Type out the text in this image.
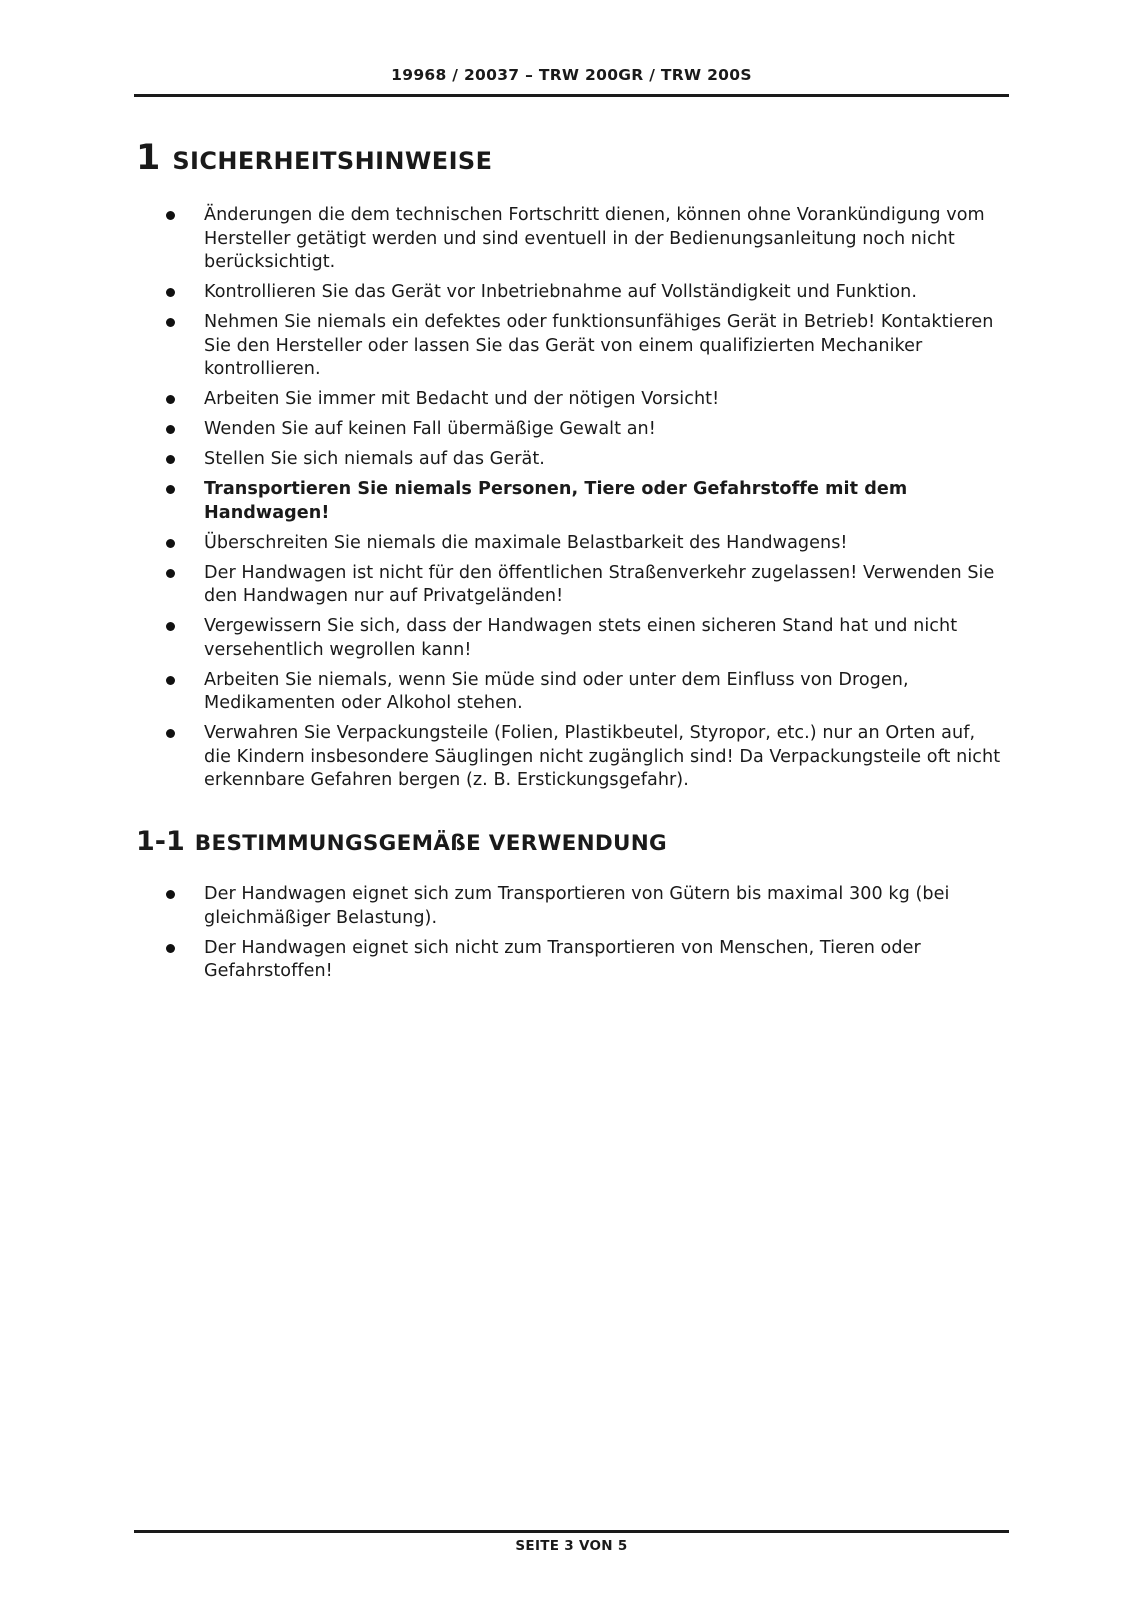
19968 / 20037 – TRW 200GR / TRW 200S
1 SICHERHEITSHINWEISE
Änderungen die dem technischen Fortschritt dienen, können ohne Vorankündigung vom Hersteller getätigt werden und sind eventuell in der Bedienungsanleitung noch nicht berücksichtigt.
Kontrollieren Sie das Gerät vor Inbetriebnahme auf Vollständigkeit und Funktion.
Nehmen Sie niemals ein defektes oder funktionsunfähiges Gerät in Betrieb! Kontaktieren Sie den Hersteller oder lassen Sie das Gerät von einem qualifizierten Mechaniker kontrollieren.
Arbeiten Sie immer mit Bedacht und der nötigen Vorsicht!
Wenden Sie auf keinen Fall übermäßige Gewalt an!
Stellen Sie sich niemals auf das Gerät.
Transportieren Sie niemals Personen, Tiere oder Gefahrstoffe mit dem Handwagen!
Überschreiten Sie niemals die maximale Belastbarkeit des Handwagens!
Der Handwagen ist nicht für den öffentlichen Straßenverkehr zugelassen! Verwenden Sie den Handwagen nur auf Privatgeländen!
Vergewissern Sie sich, dass der Handwagen stets einen sicheren Stand hat und nicht versehentlich wegrollen kann!
Arbeiten Sie niemals, wenn Sie müde sind oder unter dem Einfluss von Drogen, Medikamenten oder Alkohol stehen.
Verwahren Sie Verpackungsteile (Folien, Plastikbeutel, Styropor, etc.) nur an Orten auf, die Kindern insbesondere Säuglingen nicht zugänglich sind! Da Verpackungsteile oft nicht erkennbare Gefahren bergen (z. B. Erstickungsgefahr).
1-1 BESTIMMUNGSGEMÄßE VERWENDUNG
Der Handwagen eignet sich zum Transportieren von Gütern bis maximal 300 kg (bei gleichmäßiger Belastung).
Der Handwagen eignet sich nicht zum Transportieren von Menschen, Tieren oder Gefahrstoffen!
SEITE 3 VON 5
